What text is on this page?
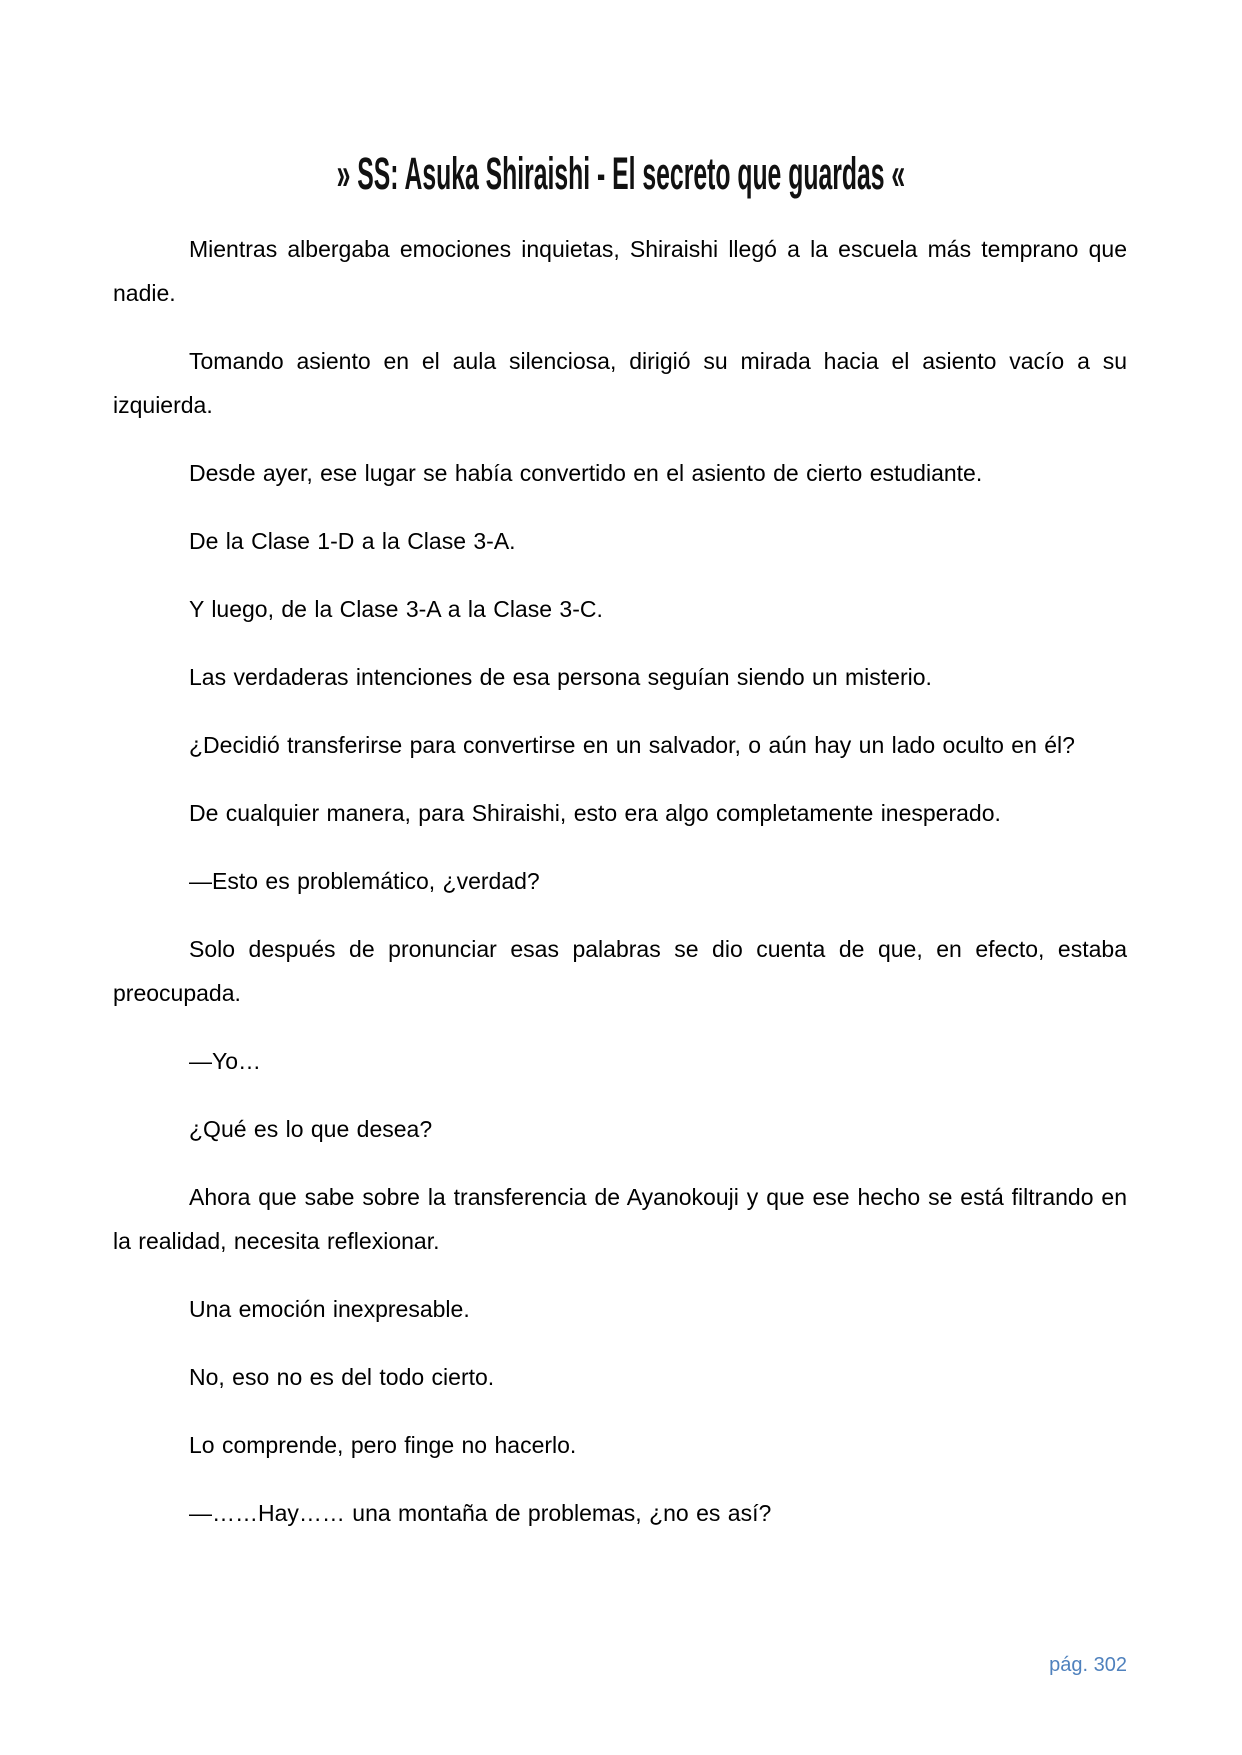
» SS: Asuka Shiraishi - El secreto que guardas «

Mientras albergaba emociones inquietas, Shiraishi llegó a la escuela más temprano que nadie.

Tomando asiento en el aula silenciosa, dirigió su mirada hacia el asiento vacío a su izquierda.

Desde ayer, ese lugar se había convertido en el asiento de cierto estudiante.

De la Clase 1-D a la Clase 3-A.

Y luego, de la Clase 3-A a la Clase 3-C.

Las verdaderas intenciones de esa persona seguían siendo un misterio.

¿Decidió transferirse para convertirse en un salvador, o aún hay un lado oculto en él?

De cualquier manera, para Shiraishi, esto era algo completamente inesperado.

—Esto es problemático, ¿verdad?

Solo después de pronunciar esas palabras se dio cuenta de que, en efecto, estaba preocupada.

—Yo…

¿Qué es lo que desea?

Ahora que sabe sobre la transferencia de Ayanokouji y que ese hecho se está filtrando en la realidad, necesita reflexionar.

Una emoción inexpresable.

No, eso no es del todo cierto.

Lo comprende, pero finge no hacerlo.

—……Hay…… una montaña de problemas, ¿no es así?

pág. 302
